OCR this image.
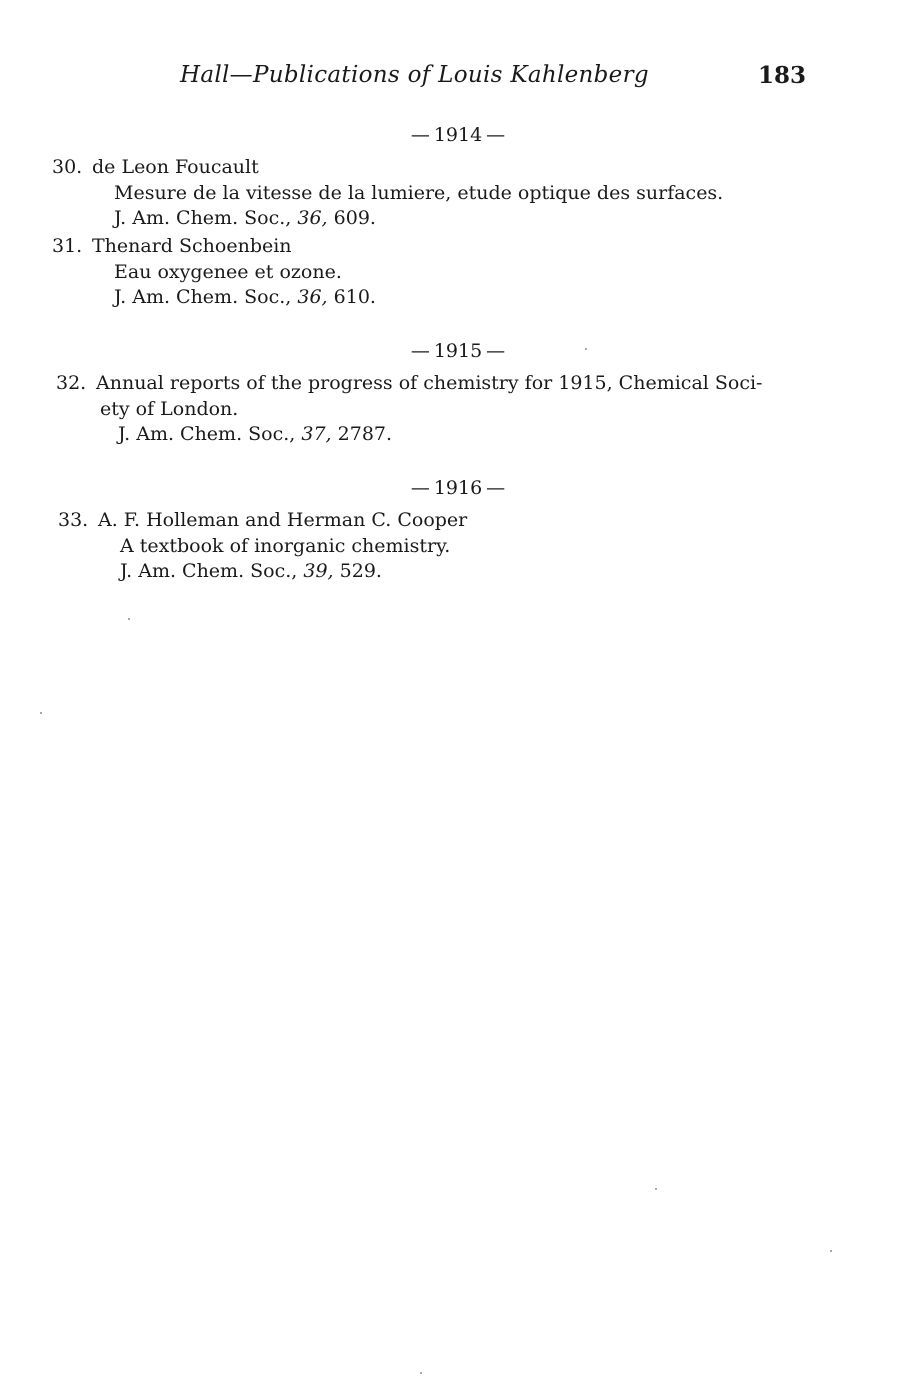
Hall—Publications of Louis Kahlenberg	183
— 1914 —
30. de Leon Foucault
Mesure de la vitesse de la lumiere, etude optique des surfaces.
J. Am. Chem. Soc., 36, 609.
31. Thenard Schoenbein
Eau oxygenee et ozone.
J. Am. Chem. Soc., 36, 610.
— 1915 —
32. Annual reports of the progress of chemistry for 1915, Chemical Soci-
ety of London.
J. Am. Chem. Soc., 37, 2787.
— 1916 —
33. A. F. Holleman and Herman C. Cooper
A textbook of inorganic chemistry.
J. Am. Chem. Soc., 39, 529.
